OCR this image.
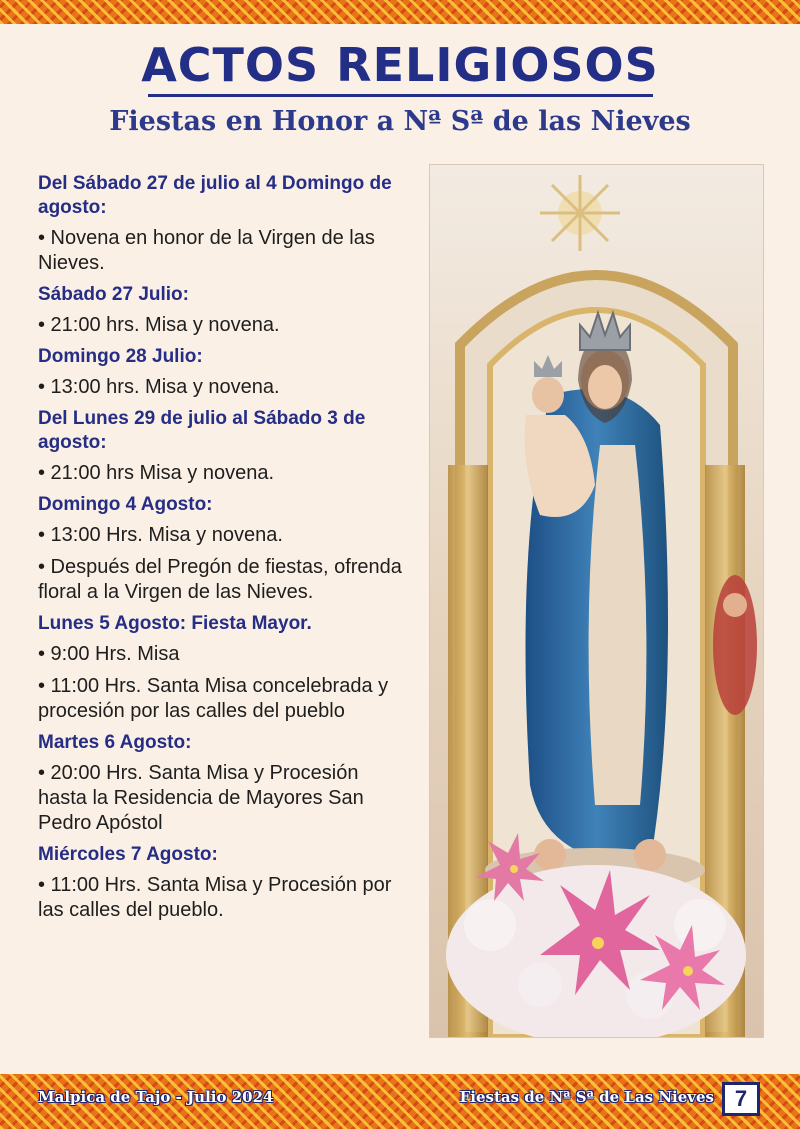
ACTOS RELIGIOSOS
Fiestas en Honor a Nª Sª de las Nieves

Del Sábado 27 de julio al 4 Domingo de agosto:

• Novena en honor de la Virgen de las Nieves.

Sábado 27 Julio:

• 21:00 hrs. Misa y novena.

Domingo 28 Julio:

• 13:00 hrs. Misa y novena.

Del Lunes 29 de julio al Sábado 3 de agosto:

• 21:00 hrs Misa y novena.

Domingo 4 Agosto:

• 13:00 Hrs. Misa y novena.

• Después del Pregón de fiestas, ofrenda floral a la Virgen de las Nieves.

Lunes 5 Agosto: Fiesta Mayor.

• 9:00 Hrs. Misa

• 11:00 Hrs. Santa Misa concelebrada y procesión por las calles del pueblo

Martes 6 Agosto:

• 20:00 Hrs. Santa Misa y Procesión hasta la Residencia de Mayores San Pedro Apóstol

Miércoles 7 Agosto:

• 11:00 Hrs. Santa Misa y Procesión por las calles del pueblo.

Malpica de Tajo - Julio 2024	Fiestas de Nª Sª de Las Nieves 7
